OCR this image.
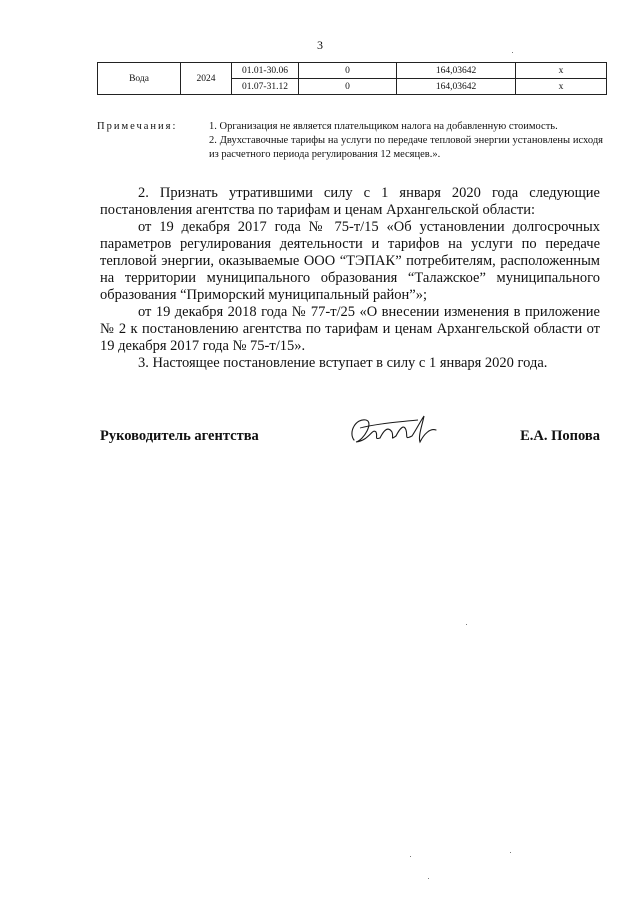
3
Вода	2024	01.01-30.06	0	164,03642	x
		01.07-31.12	0	164,03642	x
Примечания:	1. Организация не является плательщиком налога на добавленную стоимость.

2. Двухставочные тарифы на услуги по передаче тепловой энергии установлены исходя из расчетного периода регулирования 12 месяцев.».

2. Признать утратившими силу с 1 января 2020 года следующие постановления агентства по тарифам и ценам Архангельской области:

от 19 декабря 2017 года № 75-т/15 «Об установлении долгосрочных параметров регулирования деятельности и тарифов на услуги по передаче тепловой энергии, оказываемые ООО “ТЭПАК” потребителям, расположенным на территории муниципального образования “Талажское” муниципального образования “Приморский муниципальный район”»;

от 19 декабря 2018 года № 77-т/25 «О внесении изменения в приложение № 2 к постановлению агентства по тарифам и ценам Архангельской области от 19 декабря 2017 года № 75-т/15».

3. Настоящее постановление вступает в силу с 1 января 2020 года.

Руководитель агентства	Е.А. Попова
